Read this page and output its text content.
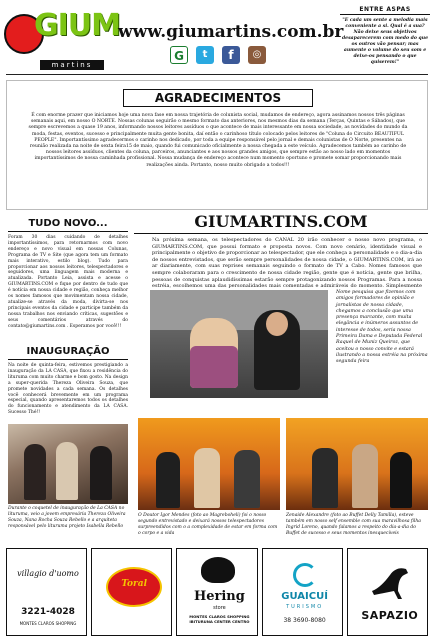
GIUM
martins
www.giumartins.com.br
G	t	f	◎
ENTRE ASPAS
"E cada um sente a melodia mais conveniente a si. Qual é a sua? Não deixe seus objetivos desaparecerem com medo do que os outros vão pensar; mas aumente o volume do seu som e deixe-os pensando o que quiserem!"
AGRADECIMENTOS
É com enorme prazer que iniciamos hoje uma nova fase em nossa trajetória de colunista social, mudamos de endereço, agora assinamos nossos três páginas semanais aqui, em nosso O NORTE. Nossas colunas seguirão o mesmo formato das anteriores, nos mesmos dias da semana (Terças, Quintas e Sábados), que sempre escrevemos a quase 19 anos, informando nossos leitores assíduos o que acontece de mais interessante em nossa sociedade, as novidades do mundo da moda, festas, eventos, sucesso e principalmente muita gente bonita, daí então o carinhoso título colocado pelos leitores de "Coluna do Circuito BEAUTIFUL PEOPLE". Importantíssimo agradecermos o carinho nos dedicado, por toda a equipe responsável pelo jornal e demais colunistas de O Norte, presentes na reunião realizada na noite de sexta feira15 de maio, quando fui comunicado oficialmente a nossa chegada a este veículo. Agradecemos também ao carinho de nossos leitores assíduos, clientes da coluna, parceiros, anunciantes e aos nossos grandes amigos, que sempre estão ao nosso lado em momentos importantíssimos de nossa caminhada profissional. Nossa mudança de endereço acontece num momento oportuno e promete somar proporcionando mais realizações ainda. Portanto, nosso muito obrigado a todos!!!
TUDO NOVO...
Foram 30 dias cuidando de detalhes importantíssimos, para retornarmos com novo endereço e novo visual em nossas Colunas, Programa de TV e Site (que agora tem um formato mais interativo, estilo blog). Tudo para proporcionar aos nossos leitores, telespectadores e seguidores, uma linguagem mais moderna e atualizada. Portanto Leia, assista e acesse o GIUMARTINS.COM e fique por dentro de tudo que é notícia em nossa cidade e região, conheça melhor os nomes famosos que movimentam nossa cidade, atualize-se através da moda, divirta-se nos principais eventos da cidade e participe também da nossa trabalhos nos enviando críticas, sugestões e seus comentários através do contato@giumartins.com . Esperamos por você!!!
INAUGURAÇÃO
Na noite de quinta-feira, estivemos prestigiando a inauguração da LA CASA, que fixou a residência do lituruma com muito charme e bom gosto. Na design a super-querida Thereza Oliveira Souza, que promete novidades a cada semana. Os detalhes você conhecerá brevemente em um programa especial, quando apresentaremos todos os detalhes do funcionamento e atendimento da LA CASA. Sucesso Thé!!
Durante o coquetel de inauguração de La CASA no lituruma, veio a jovem empresária Thereza Oliveira Souza, Nana Rocha Souza Rebello e a arquiteta responsável pelo lituruma projeto Isabella Rebello
GIUMARTINS.COM
Na próxima semana, os telespectadores do CANAL 20 irão conhecer o nosso novo programa, o GIUMARTINS.COM, que possui formato e proposta novos. Com novo cenário, identidade visual e principalmente o objetivo de proporcionar ao telespectador, que ele conheça a personalidade e o dia-a-dia de nossos entrevistados, que serão sempre personalidades de nossa cidade, o GIUMARTINS.COM, irá ao ar diariamente, com suas reprises semanais seguindo o formato de TV a Cabo. Nomes famosos que sempre colaboraram para o crescimento de nossa cidade região, gente que é notícia, gente que brilha, pessoas de conquistas aplaudidíssimas estarão sempre protagonizando nossos Programas. Para a nossa estréia, escolhemos uma das personalidades mais comentadas e admiráveis do momento. Simplesmente
Nome pesquisa que fizemos com amigos formadores de opinião e jornalistas de nossa cidade, chegamos a conclusão que uma presença marcante, com muita elegância e inúmeros assuntos de interesse de todos, seria nossa Primeira Dama e Deputada Federal Raquel de Muniz Queiroz, que aceitou o nosso convite e estará ilustrando a nossa estréia na próxima segunda feira
O Doutor Igor Mendes (foto ao Magreboheli) foi o nosso segundo entrevistado e deixará nossos telespectadores surpreendidos com o a complexidade de estar em forma com o corpo e a vida
Zenaide Alexandre (foto ao Buffet Delly Tamilla), esteve também em nosso self ensemble com sua maravilhosa filha Ingrid Loreno, quando falamos a respeito do dia-a-dia do Buffet de sucesso e seus momentos inesquecíveis
villagio d'uomo
3221-4028
MONTES CLAROS SHOPPING
Toral
Hering
store
MONTES CLAROS SHOPPING IBITURUNA CENTER CENTRO
GUAICUÍ
TURISMO
38 3690-8080	SAPAZIO
